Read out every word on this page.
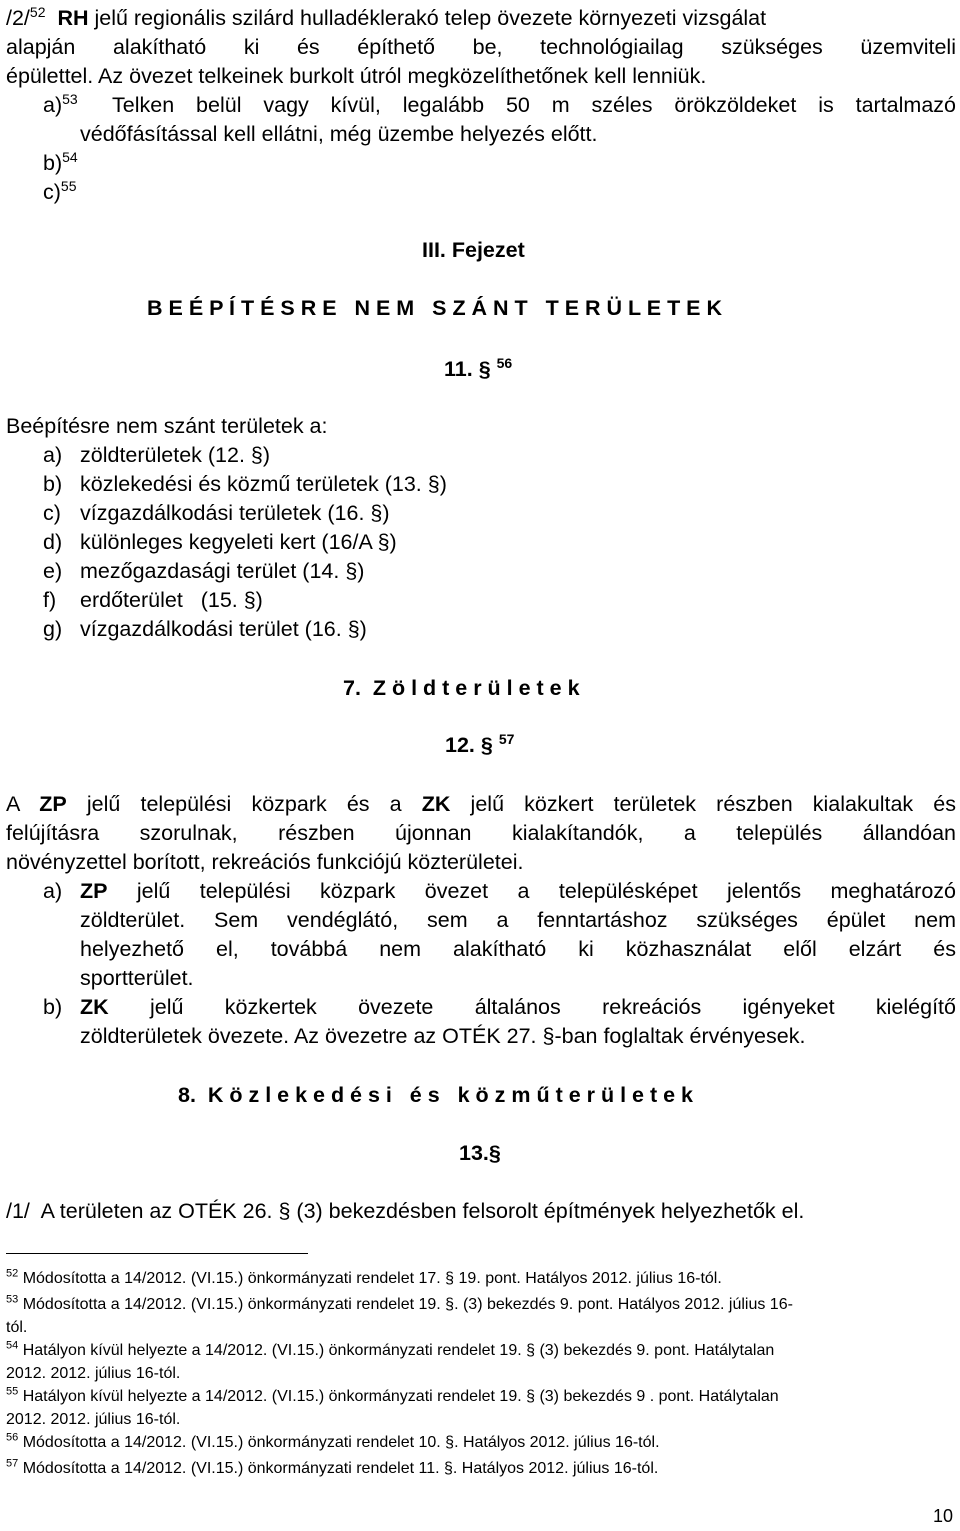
/2/$^{52}$ RH jelű regionális szilárd hulladéklerakó telep övezete környezeti vizsgálat
alapján alakítható ki és építhető be, technológiailag szükséges üzemviteli
épülettel. Az övezet telkeinek burkolt útról megközelíthetőnek kell lenniük.
a)$^{53}$ Telken belül vagy kívül, legalább 50 m széles örökzöldeket is tartalmazó
védőfásítással kell ellátni, még üzembe helyezés előtt.
b)$^{54}$
c)$^{55}$
III. Fejezet
B E É P Í T É S R E   N E M   S Z Á N T   T E R Ü L E T E K
11. § $^{56}$
Beépítésre nem szánt területek a:
a) zöldterületek (12. §)
b) közlekedési és közmű területek (13. §)
c) vízgazdálkodási területek (16. §)
d) különleges kegyeleti kert (16/A §)
e) mezőgazdasági terület (14. §)
f) erdőterület   (15. §)
g) vízgazdálkodási terület (16. §)
7.  Z ö l d t e r ü l e t e k
12. § $^{57}$
A ZP jelű települési közpark és a ZK jelű közkert területek részben kialakultak és
felújításra szorulnak, részben újonnan kialakítandók, a település állandóan
növényzettel borított, rekreációs funkciójú közterületei.
a) ZP jelű települési közpark övezet a településképet jelentős meghatározó
zöldterület. Sem vendéglátó, sem a fenntartáshoz szükséges épület nem
helyezhető el, továbbá nem alakítható ki közhasználat elől elzárt és
sportterület.
b) ZK jelű közkertek övezete általános rekreációs igényeket kielégítő
zöldterületek övezete. Az övezetre az OTÉK 27. §-ban foglaltak érvényesek.
8.  K ö z l e k e d é s i   é s   k ö z m ű t e r ü l e t e k
13.§
/1/  A területen az OTÉK 26. § (3) bekezdésben felsorolt építmények helyezhetők el.
$^{52}$ Módosította a 14/2012. (VI.15.) önkormányzati rendelet 17. § 19. pont. Hatályos 2012. július 16-tól.
$^{53}$ Módosította a 14/2012. (VI.15.) önkormányzati rendelet 19. §. (3) bekezdés 9. pont. Hatályos 2012. július 16-
tól.
$^{54}$ Hatályon kívül helyezte a 14/2012. (VI.15.) önkormányzati rendelet 19. § (3) bekezdés 9. pont. Hatálytalan
2012. 2012. július 16-tól.
$^{55}$ Hatályon kívül helyezte a 14/2012. (VI.15.) önkormányzati rendelet 19. § (3) bekezdés 9 . pont. Hatálytalan
2012. 2012. július 16-tól.
$^{56}$ Módosította a 14/2012. (VI.15.) önkormányzati rendelet 10. §. Hatályos 2012. július 16-tól.
$^{57}$ Módosította a 14/2012. (VI.15.) önkormányzati rendelet 11. §. Hatályos 2012. július 16-tól.
10
